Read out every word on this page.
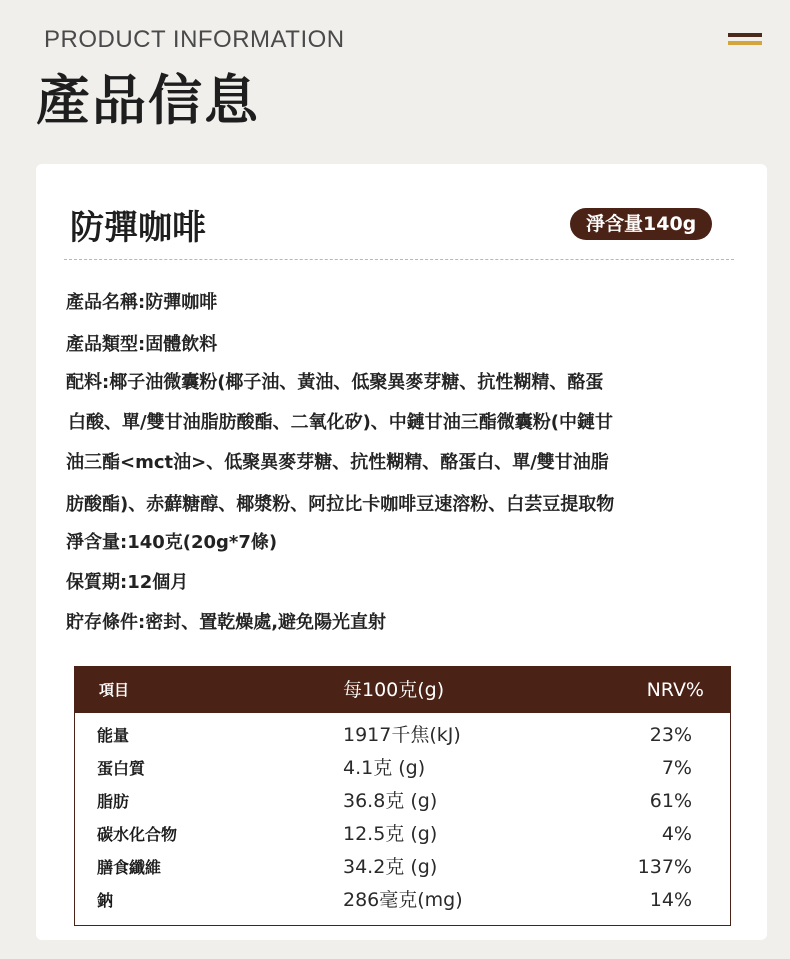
PRODUCT INFORMATION
產品信息
防彈咖啡	淨含量140g
產品名稱:防彈咖啡
產品類型:固體飲料
配料:椰子油微囊粉(椰子油、黃油、低聚異麥芽糖、抗性糊精、酪蛋
白酸、單/雙甘油脂肪酸酯、二氧化矽)、中鏈甘油三酯微囊粉(中鏈甘
油三酯<mct油>、低聚異麥芽糖、抗性糊精、酪蛋白、單/雙甘油脂
肪酸酯)、赤蘚糖醇、椰漿粉、阿拉比卡咖啡豆速溶粉、白芸豆提取物
淨含量:140克(20g*7條)
保質期:12個月
貯存條件:密封、置乾燥處,避免陽光直射
項目	每100克(g)	NRV%
能量	1917千焦(kJ)	23%
蛋白質	4.1克 (g)	7%
脂肪	36.8克 (g)	61%
碳水化合物	12.5克 (g)	4%
膳食纖維	34.2克 (g)	137%
鈉	286毫克(mg)	14%
